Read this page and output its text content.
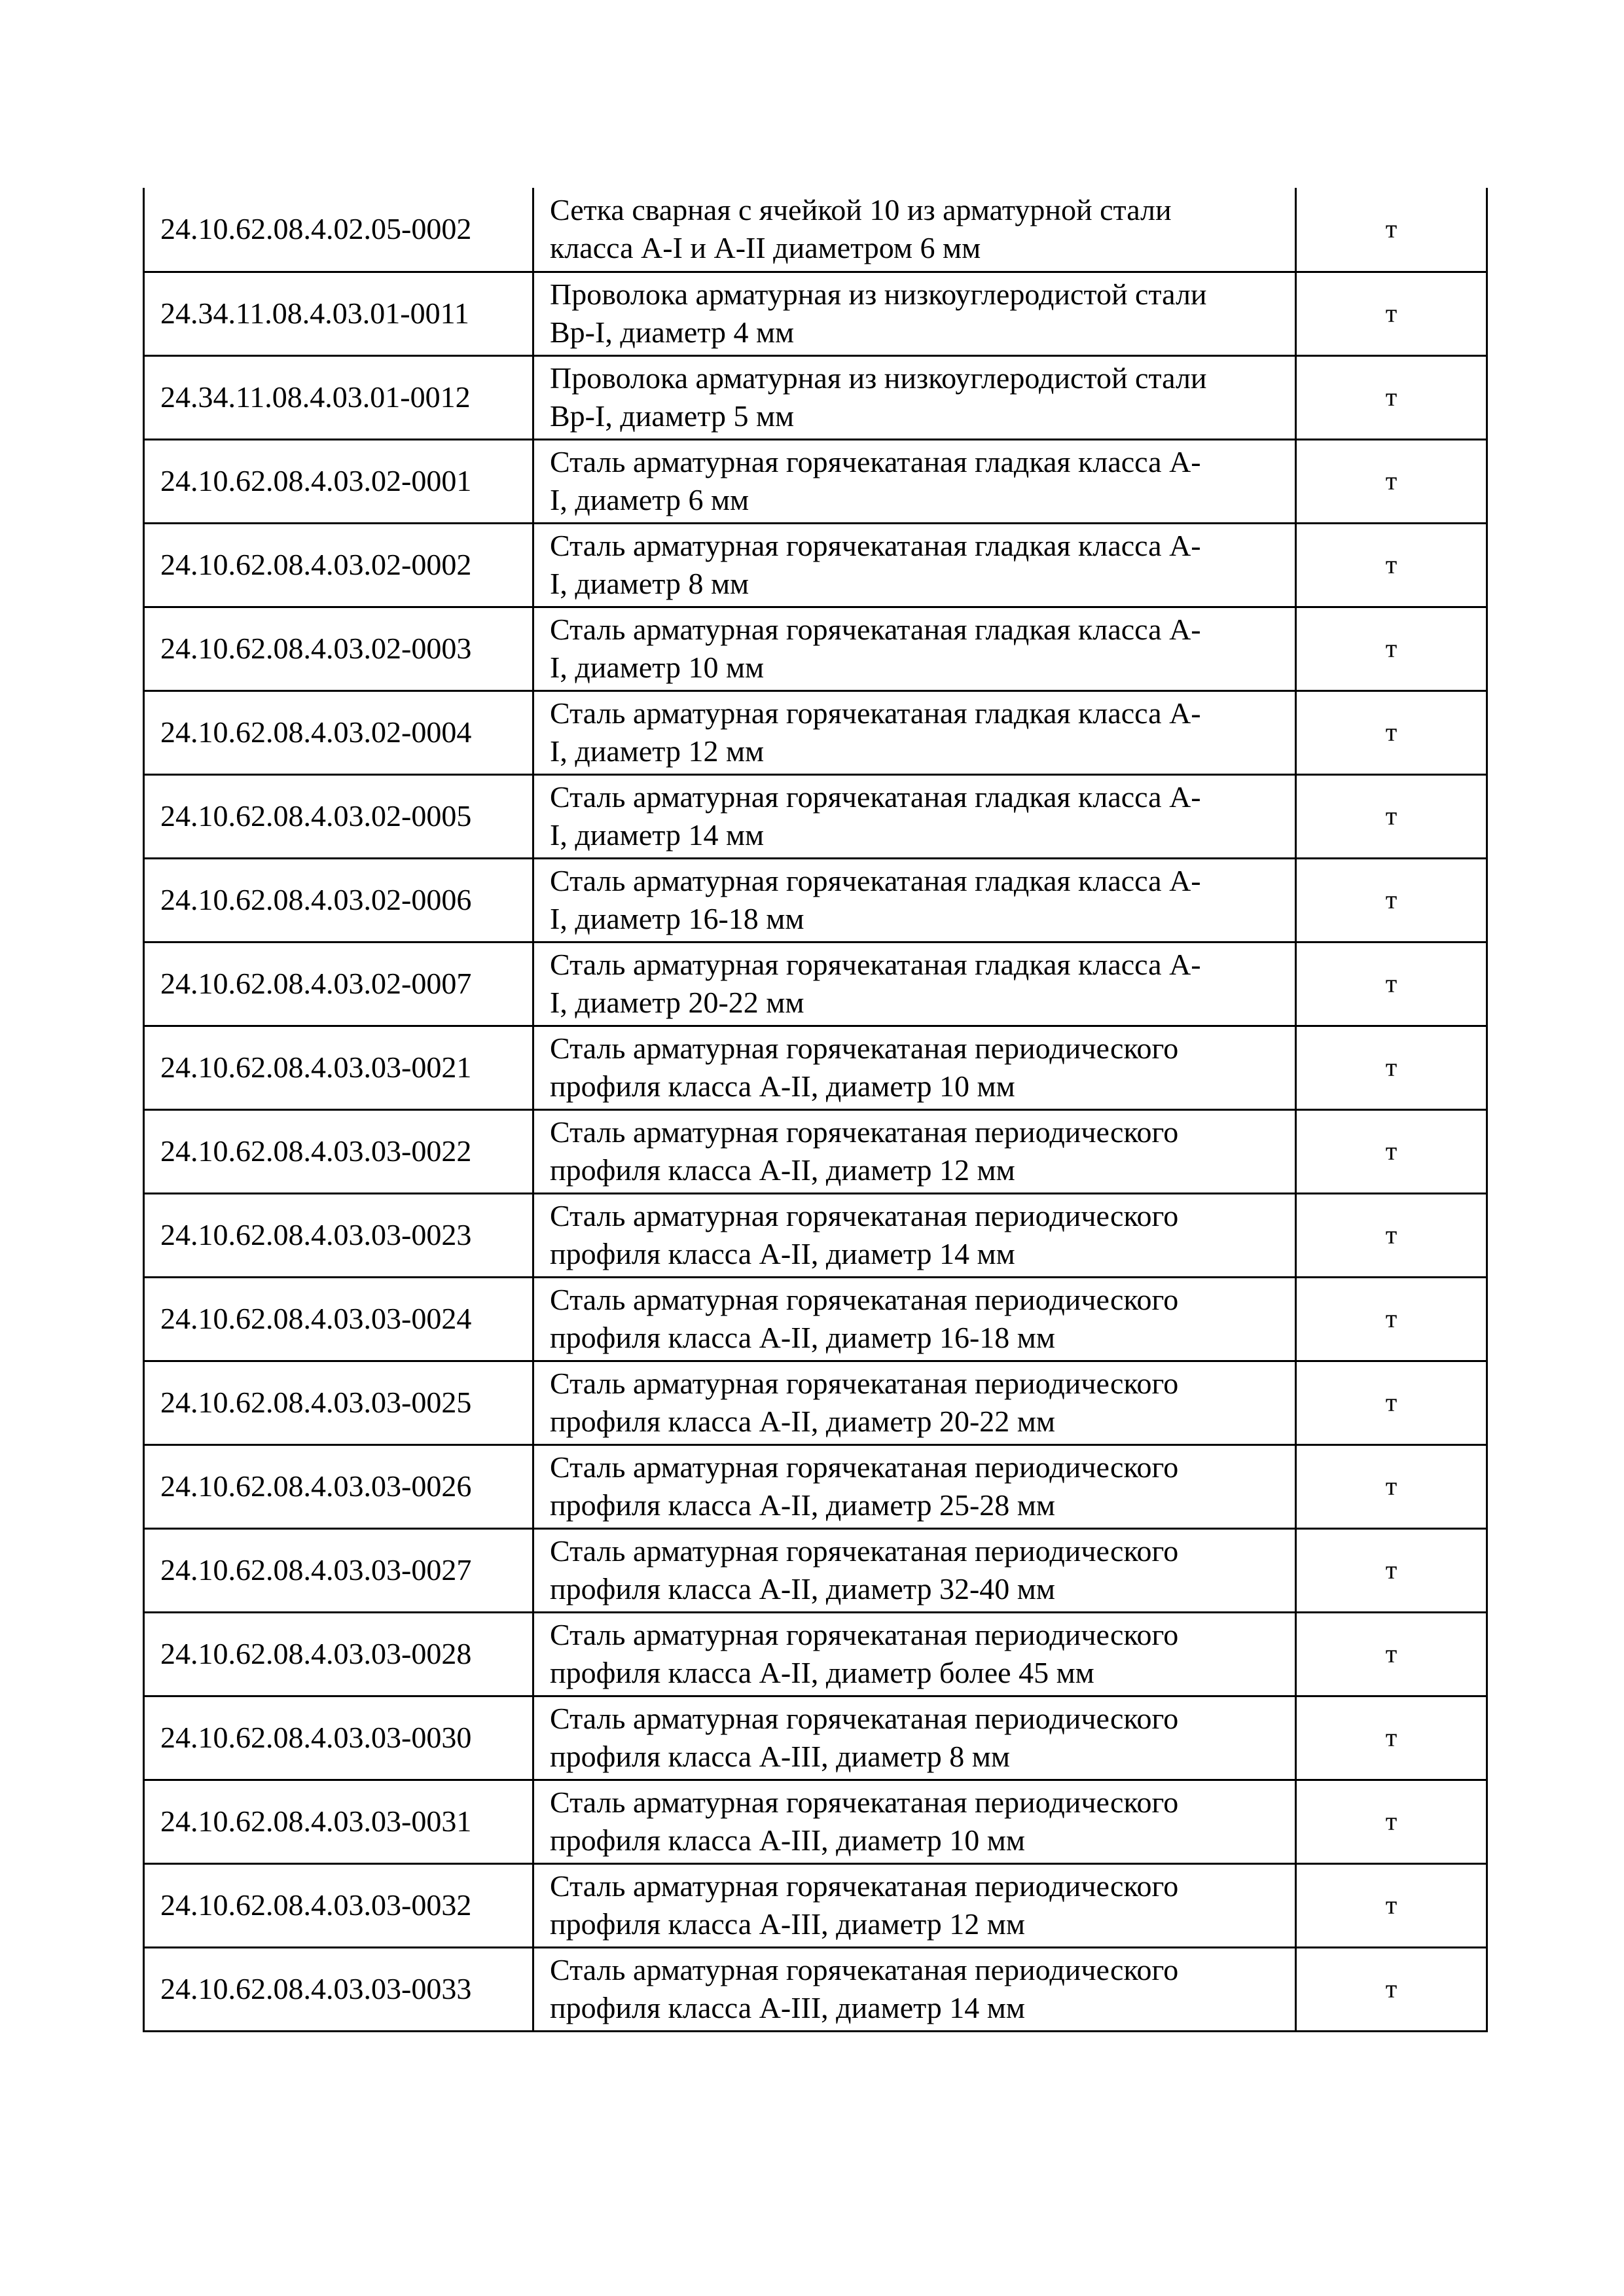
24.10.62.08.4.02.05-0002	Сетка сварная с ячейкой 10 из арматурной стали
класса А-I и А-II диаметром 6 мм	т
24.34.11.08.4.03.01-0011	Проволока арматурная из низкоуглеродистой стали
Вр-I, диаметр 4 мм	т
24.34.11.08.4.03.01-0012	Проволока арматурная из низкоуглеродистой стали
Вр-I, диаметр 5 мм	т
24.10.62.08.4.03.02-0001	Сталь арматурная горячекатаная гладкая класса А-
I, диаметр 6 мм	т
24.10.62.08.4.03.02-0002	Сталь арматурная горячекатаная гладкая класса А-
I, диаметр 8 мм	т
24.10.62.08.4.03.02-0003	Сталь арматурная горячекатаная гладкая класса А-
I, диаметр 10 мм	т
24.10.62.08.4.03.02-0004	Сталь арматурная горячекатаная гладкая класса А-
I, диаметр 12 мм	т
24.10.62.08.4.03.02-0005	Сталь арматурная горячекатаная гладкая класса А-
I, диаметр 14 мм	т
24.10.62.08.4.03.02-0006	Сталь арматурная горячекатаная гладкая класса А-
I, диаметр 16-18 мм	т
24.10.62.08.4.03.02-0007	Сталь арматурная горячекатаная гладкая класса А-
I, диаметр 20-22 мм	т
24.10.62.08.4.03.03-0021	Сталь арматурная горячекатаная периодического
профиля класса А-II, диаметр 10 мм	т
24.10.62.08.4.03.03-0022	Сталь арматурная горячекатаная периодического
профиля класса А-II, диаметр 12 мм	т
24.10.62.08.4.03.03-0023	Сталь арматурная горячекатаная периодического
профиля класса А-II, диаметр 14 мм	т
24.10.62.08.4.03.03-0024	Сталь арматурная горячекатаная периодического
профиля класса А-II, диаметр 16-18 мм	т
24.10.62.08.4.03.03-0025	Сталь арматурная горячекатаная периодического
профиля класса А-II, диаметр 20-22 мм	т
24.10.62.08.4.03.03-0026	Сталь арматурная горячекатаная периодического
профиля класса А-II, диаметр 25-28 мм	т
24.10.62.08.4.03.03-0027	Сталь арматурная горячекатаная периодического
профиля класса А-II, диаметр 32-40 мм	т
24.10.62.08.4.03.03-0028	Сталь арматурная горячекатаная периодического
профиля класса А-II, диаметр более 45 мм	т
24.10.62.08.4.03.03-0030	Сталь арматурная горячекатаная периодического
профиля класса А-III, диаметр 8 мм	т
24.10.62.08.4.03.03-0031	Сталь арматурная горячекатаная периодического
профиля класса А-III, диаметр 10 мм	т
24.10.62.08.4.03.03-0032	Сталь арматурная горячекатаная периодического
профиля класса А-III, диаметр 12 мм	т
24.10.62.08.4.03.03-0033	Сталь арматурная горячекатаная периодического
профиля класса А-III, диаметр 14 мм	т
